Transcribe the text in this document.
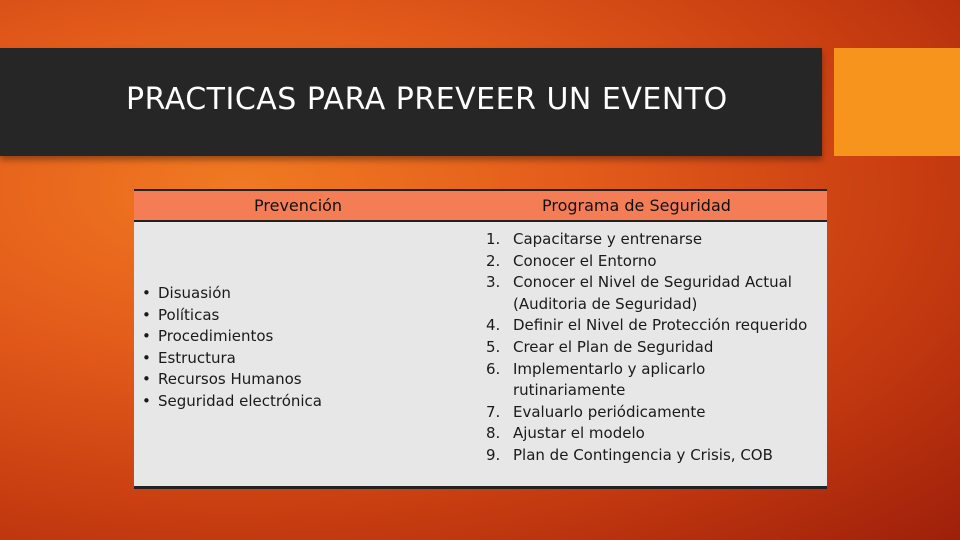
PRACTICAS PARA PREVEER UN EVENTO
Prevención	Programa de Seguridad
• Disuasión
• Políticas
• Procedimientos
• Estructura
• Recursos Humanos
• Seguridad electrónica
1. Capacitarse y entrenarse
2. Conocer el Entorno
3. Conocer el Nivel de Seguridad Actual (Auditoria de Seguridad)
4. Definir el Nivel de Protección requerido
5. Crear el Plan de Seguridad
6. Implementarlo y aplicarlo rutinariamente
7. Evaluarlo periódicamente
8. Ajustar el modelo
9. Plan de Contingencia y Crisis, COB
